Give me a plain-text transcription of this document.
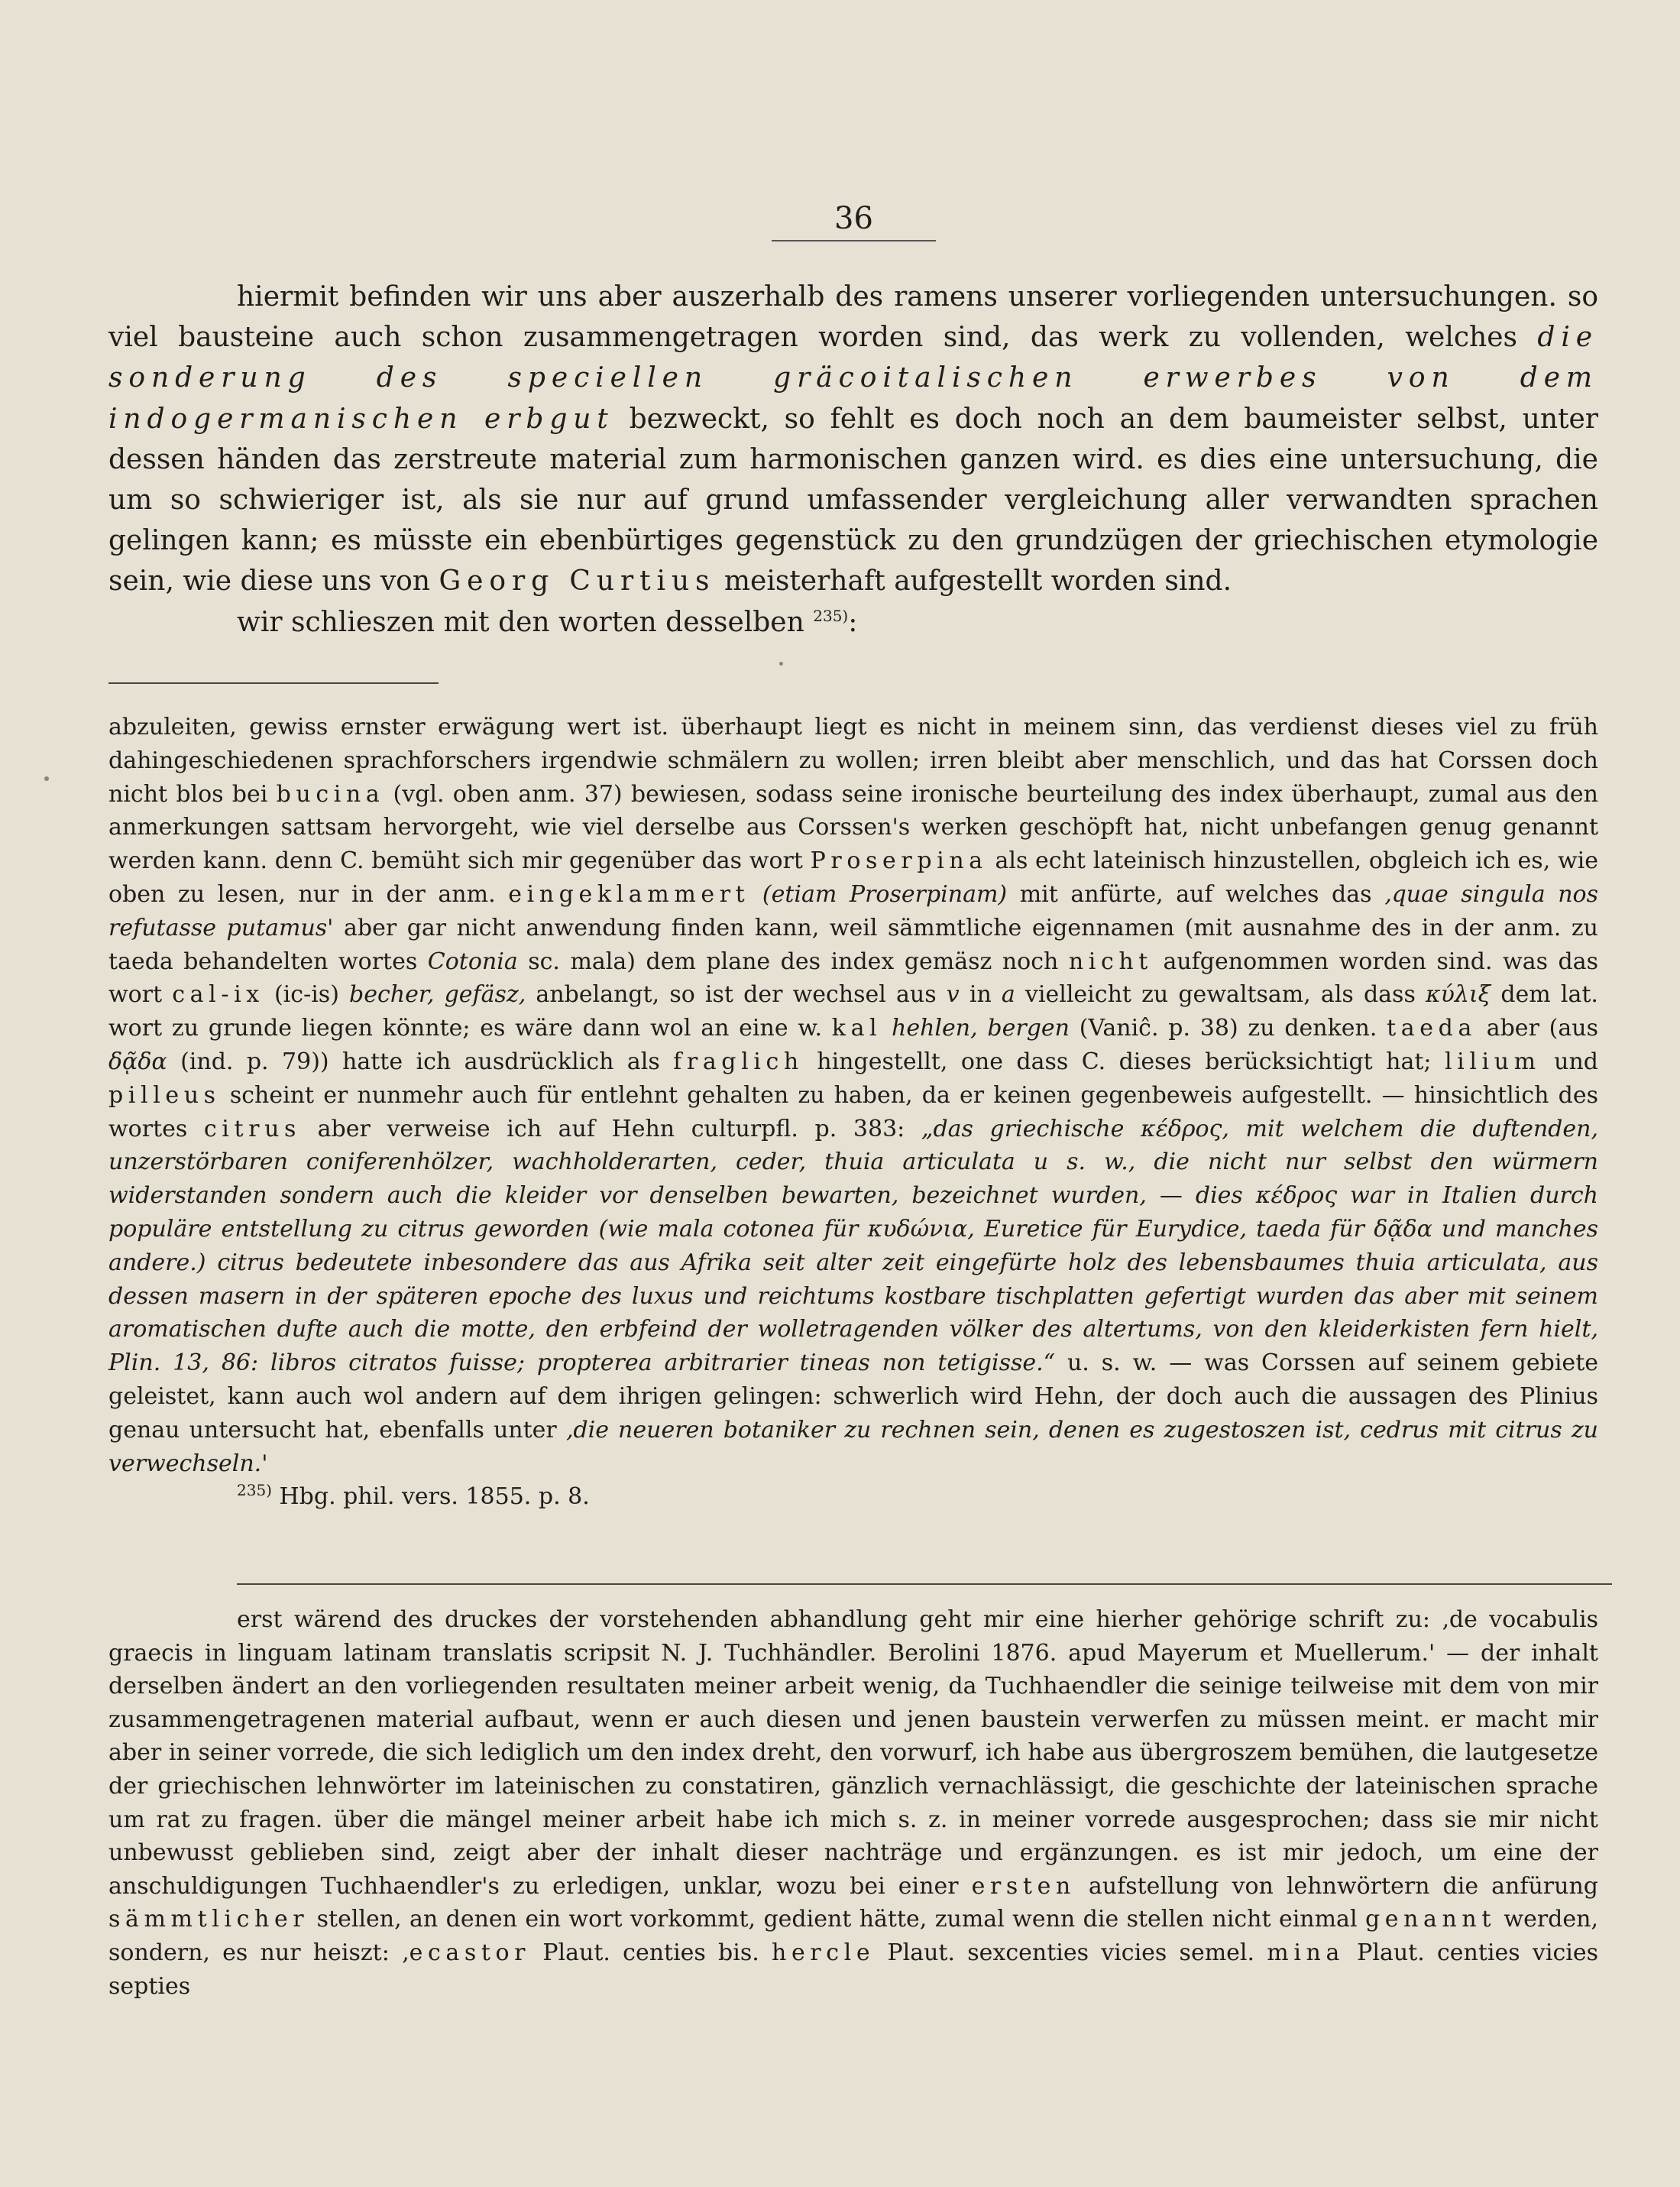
36

hiermit befinden wir uns aber auszerhalb des ramens unserer vorliegenden untersuchungen. so viel bausteine auch schon zusammengetragen worden sind, das werk zu vollenden, welches die sonderung des speciellen gräcoitalischen erwerbes von dem indogermanischen erbgut bezweckt, so fehlt es doch noch an dem baumeister selbst, unter dessen händen das zerstreute material zum harmonischen ganzen wird. es dies eine untersuchung, die um so schwieriger ist, als sie nur auf grund umfassender vergleichung aller verwandten sprachen gelingen kann; es müsste ein ebenbürtiges gegenstück zu den grundzügen der griechischen etymologie sein, wie diese uns von Georg Curtius meisterhaft aufgestellt worden sind.

wir schlieszen mit den worten desselben $^{235)}$:

abzuleiten, gewiss ernster erwägung wert ist. überhaupt liegt es nicht in meinem sinn, das verdienst dieses viel zu früh dahingeschiedenen sprachforschers irgendwie schmälern zu wollen; irren bleibt aber menschlich, und das hat Corssen doch nicht blos bei bucina (vgl. oben anm. 37) bewiesen, sodass seine ironische beurteilung des index überhaupt, zumal aus den anmerkungen sattsam hervorgeht, wie viel derselbe aus Corssen's werken geschöpft hat, nicht unbefangen genug genannt werden kann. denn C. bemüht sich mir gegenüber das wort Proserpina als echt lateinisch hinzustellen, obgleich ich es, wie oben zu lesen, nur in der anm. eingeklammert (etiam Proserpinam) mit anfürte, auf welches das ‚quae singula nos refutasse putamus' aber gar nicht anwendung finden kann, weil sämmtliche eigennamen (mit ausnahme des in der anm. zu taeda behandelten wortes Cotonia sc. mala) dem plane des index gemäsz noch nicht aufgenommen worden sind. was das wort cal-ix (ic-is) becher, gefäsz, anbelangt, so ist der wechsel aus v in a vielleicht zu gewaltsam, als dass κύλιξ dem lat. wort zu grunde liegen könnte; es wäre dann wol an eine w. kal hehlen, bergen (Vaniĉ. p. 38) zu denken. taeda aber (aus δᾷδα (ind. p. 79)) hatte ich ausdrücklich als fraglich hingestellt, one dass C. dieses berücksichtigt hat; lilium und pilleus scheint er nunmehr auch für entlehnt gehalten zu haben, da er keinen gegenbeweis aufgestellt. — hinsichtlich des wortes citrus aber verweise ich auf Hehn culturpfl. p. 383: „das griechische κέδρος, mit welchem die duftenden, unzerstörbaren coniferenhölzer, wachholderarten, ceder, thuia articulata u s. w., die nicht nur selbst den würmern widerstanden sondern auch die kleider vor denselben bewarten, bezeichnet wurden, — dies κέδρος war in Italien durch populäre entstellung zu citrus geworden (wie mala cotonea für κυδώνια, Euretice für Eurydice, taeda für δᾷδα und manches andere.) citrus bedeutete inbesondere das aus Afrika seit alter zeit eingefürte holz des lebensbaumes thuia articulata, aus dessen masern in der späteren epoche des luxus und reichtums kostbare tischplatten gefertigt wurden das aber mit seinem aromatischen dufte auch die motte, den erbfeind der wolletragenden völker des altertums, von den kleiderkisten fern hielt, Plin. 13, 86: libros citratos fuisse; propterea arbitrarier tineas non tetigisse.“ u. s. w. — was Corssen auf seinem gebiete geleistet, kann auch wol andern auf dem ihrigen gelingen: schwerlich wird Hehn, der doch auch die aussagen des Plinius genau untersucht hat, ebenfalls unter ‚die neueren botaniker zu rechnen sein, denen es zugestoszen ist, cedrus mit citrus zu verwechseln.'

$^{235)}$ Hbg. phil. vers. 1855. p. 8.

erst wärend des druckes der vorstehenden abhandlung geht mir eine hierher gehörige schrift zu: ‚de vocabulis graecis in linguam latinam translatis scripsit N. J. Tuchhändler. Berolini 1876. apud Mayerum et Muellerum.' — der inhalt derselben ändert an den vorliegenden resultaten meiner arbeit wenig, da Tuchhaendler die seinige teilweise mit dem von mir zusammengetragenen material aufbaut, wenn er auch diesen und jenen baustein verwerfen zu müssen meint. er macht mir aber in seiner vorrede, die sich lediglich um den index dreht, den vorwurf, ich habe aus übergroszem bemühen, die lautgesetze der griechischen lehnwörter im lateinischen zu constatiren, gänzlich vernachlässigt, die geschichte der lateinischen sprache um rat zu fragen. über die mängel meiner arbeit habe ich mich s. z. in meiner vorrede ausgesprochen; dass sie mir nicht unbewusst geblieben sind, zeigt aber der inhalt dieser nachträge und ergänzungen. es ist mir jedoch, um eine der anschuldigungen Tuchhaendler's zu erledigen, unklar, wozu bei einer ersten aufstellung von lehnwörtern die anfürung sämmtlicher stellen, an denen ein wort vorkommt, gedient hätte, zumal wenn die stellen nicht einmal genannt werden, sondern, es nur heiszt: ‚ecastor Plaut. centies bis. hercle Plaut. sexcenties vicies semel. mina Plaut. centies vicies septies
